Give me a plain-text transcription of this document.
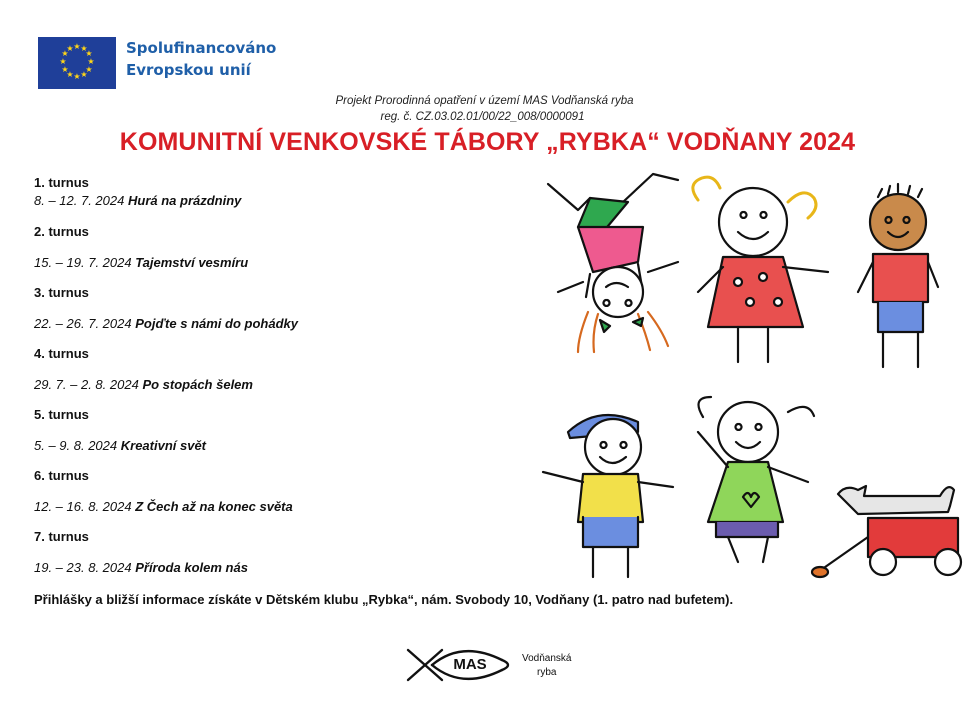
★ ★
★
★
★
★
★
★
★
★
★
★	Spolufinancováno
Evropskou unií
Projekt Prorodinná opatření v území MAS Vodňanská ryba
reg. č. CZ.03.02.01/00/22_008/0000091
KOMUNITNÍ VENKOVSKÉ TÁBORY „RYBKA“ VODŇANY 2024
1. turnus
8. – 12. 7. 2024 Hurá na prázdniny
2. turnus
15. – 19. 7. 2024 Tajemství vesmíru
3. turnus
22. – 26. 7. 2024 Pojďte s námi do pohádky
4. turnus
29. 7. – 2. 8. 2024 Po stopách šelem
5. turnus
5. – 9. 8. 2024 Kreativní svět
6. turnus
12. – 16. 8. 2024 Z Čech až na konec světa
7. turnus
19. – 23. 8. 2024 Příroda kolem nás
Přihlášky a bližší informace získáte v Dětském klubu „Rybka“, nám. Svobody 10, Vodňany (1. patro nad bufetem).
MAS	Vodňanská
ryba
